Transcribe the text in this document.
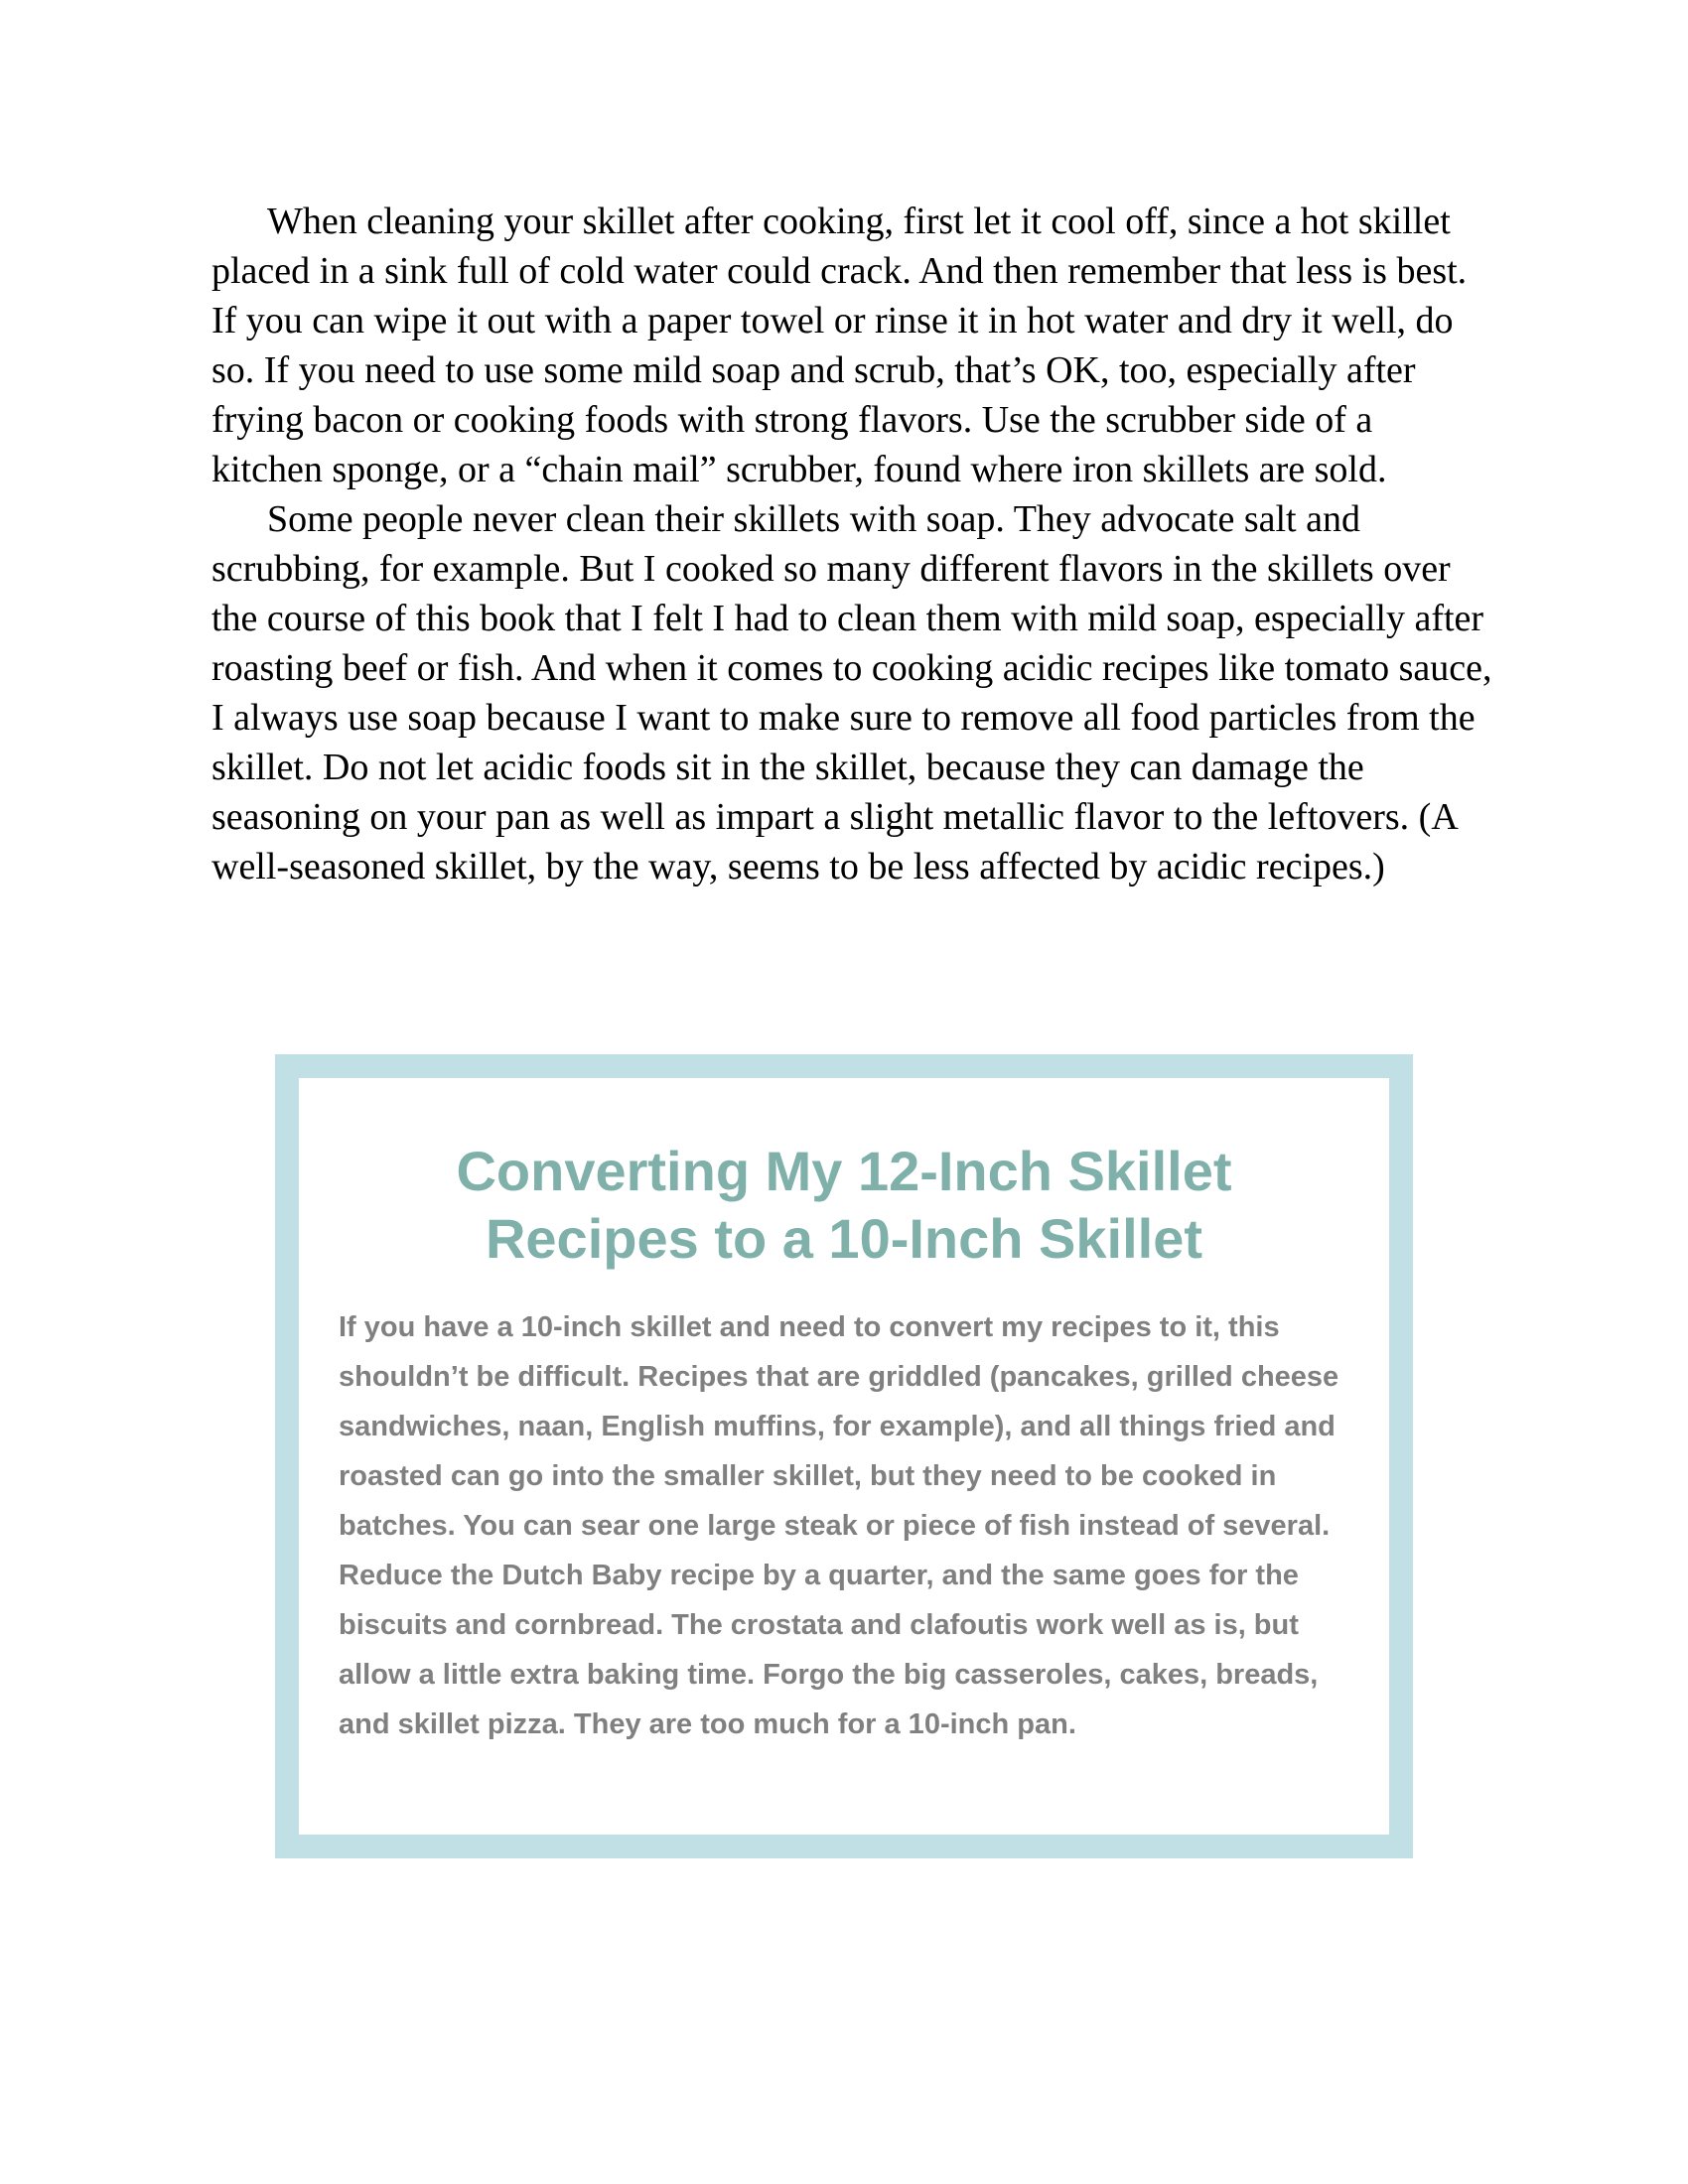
When cleaning your skillet after cooking, first let it cool off, since a hot skillet placed in a sink full of cold water could crack. And then remember that less is best. If you can wipe it out with a paper towel or rinse it in hot water and dry it well, do so. If you need to use some mild soap and scrub, that’s OK, too, especially after frying bacon or cooking foods with strong flavors. Use the scrubber side of a kitchen sponge, or a “chain mail” scrubber, found where iron skillets are sold.

Some people never clean their skillets with soap. They advocate salt and scrubbing, for example. But I cooked so many different flavors in the skillets over the course of this book that I felt I had to clean them with mild soap, especially after roasting beef or fish. And when it comes to cooking acidic recipes like tomato sauce, I always use soap because I want to make sure to remove all food particles from the skillet. Do not let acidic foods sit in the skillet, because they can damage the seasoning on your pan as well as impart a slight metallic flavor to the leftovers. (A well-seasoned skillet, by the way, seems to be less affected by acidic recipes.)

Converting My 12-Inch Skillet
Recipes to a 10-Inch Skillet

If you have a 10-inch skillet and need to convert my recipes to it, this shouldn’t be difficult. Recipes that are griddled (pancakes, grilled cheese sandwiches, naan, English muffins, for example), and all things fried and roasted can go into the smaller skillet, but they need to be cooked in batches. You can sear one large steak or piece of fish instead of several. Reduce the Dutch Baby recipe by a quarter, and the same goes for the biscuits and cornbread. The crostata and clafoutis work well as is, but allow a little extra baking time. Forgo the big casseroles, cakes, breads, and skillet pizza. They are too much for a 10-inch pan.
